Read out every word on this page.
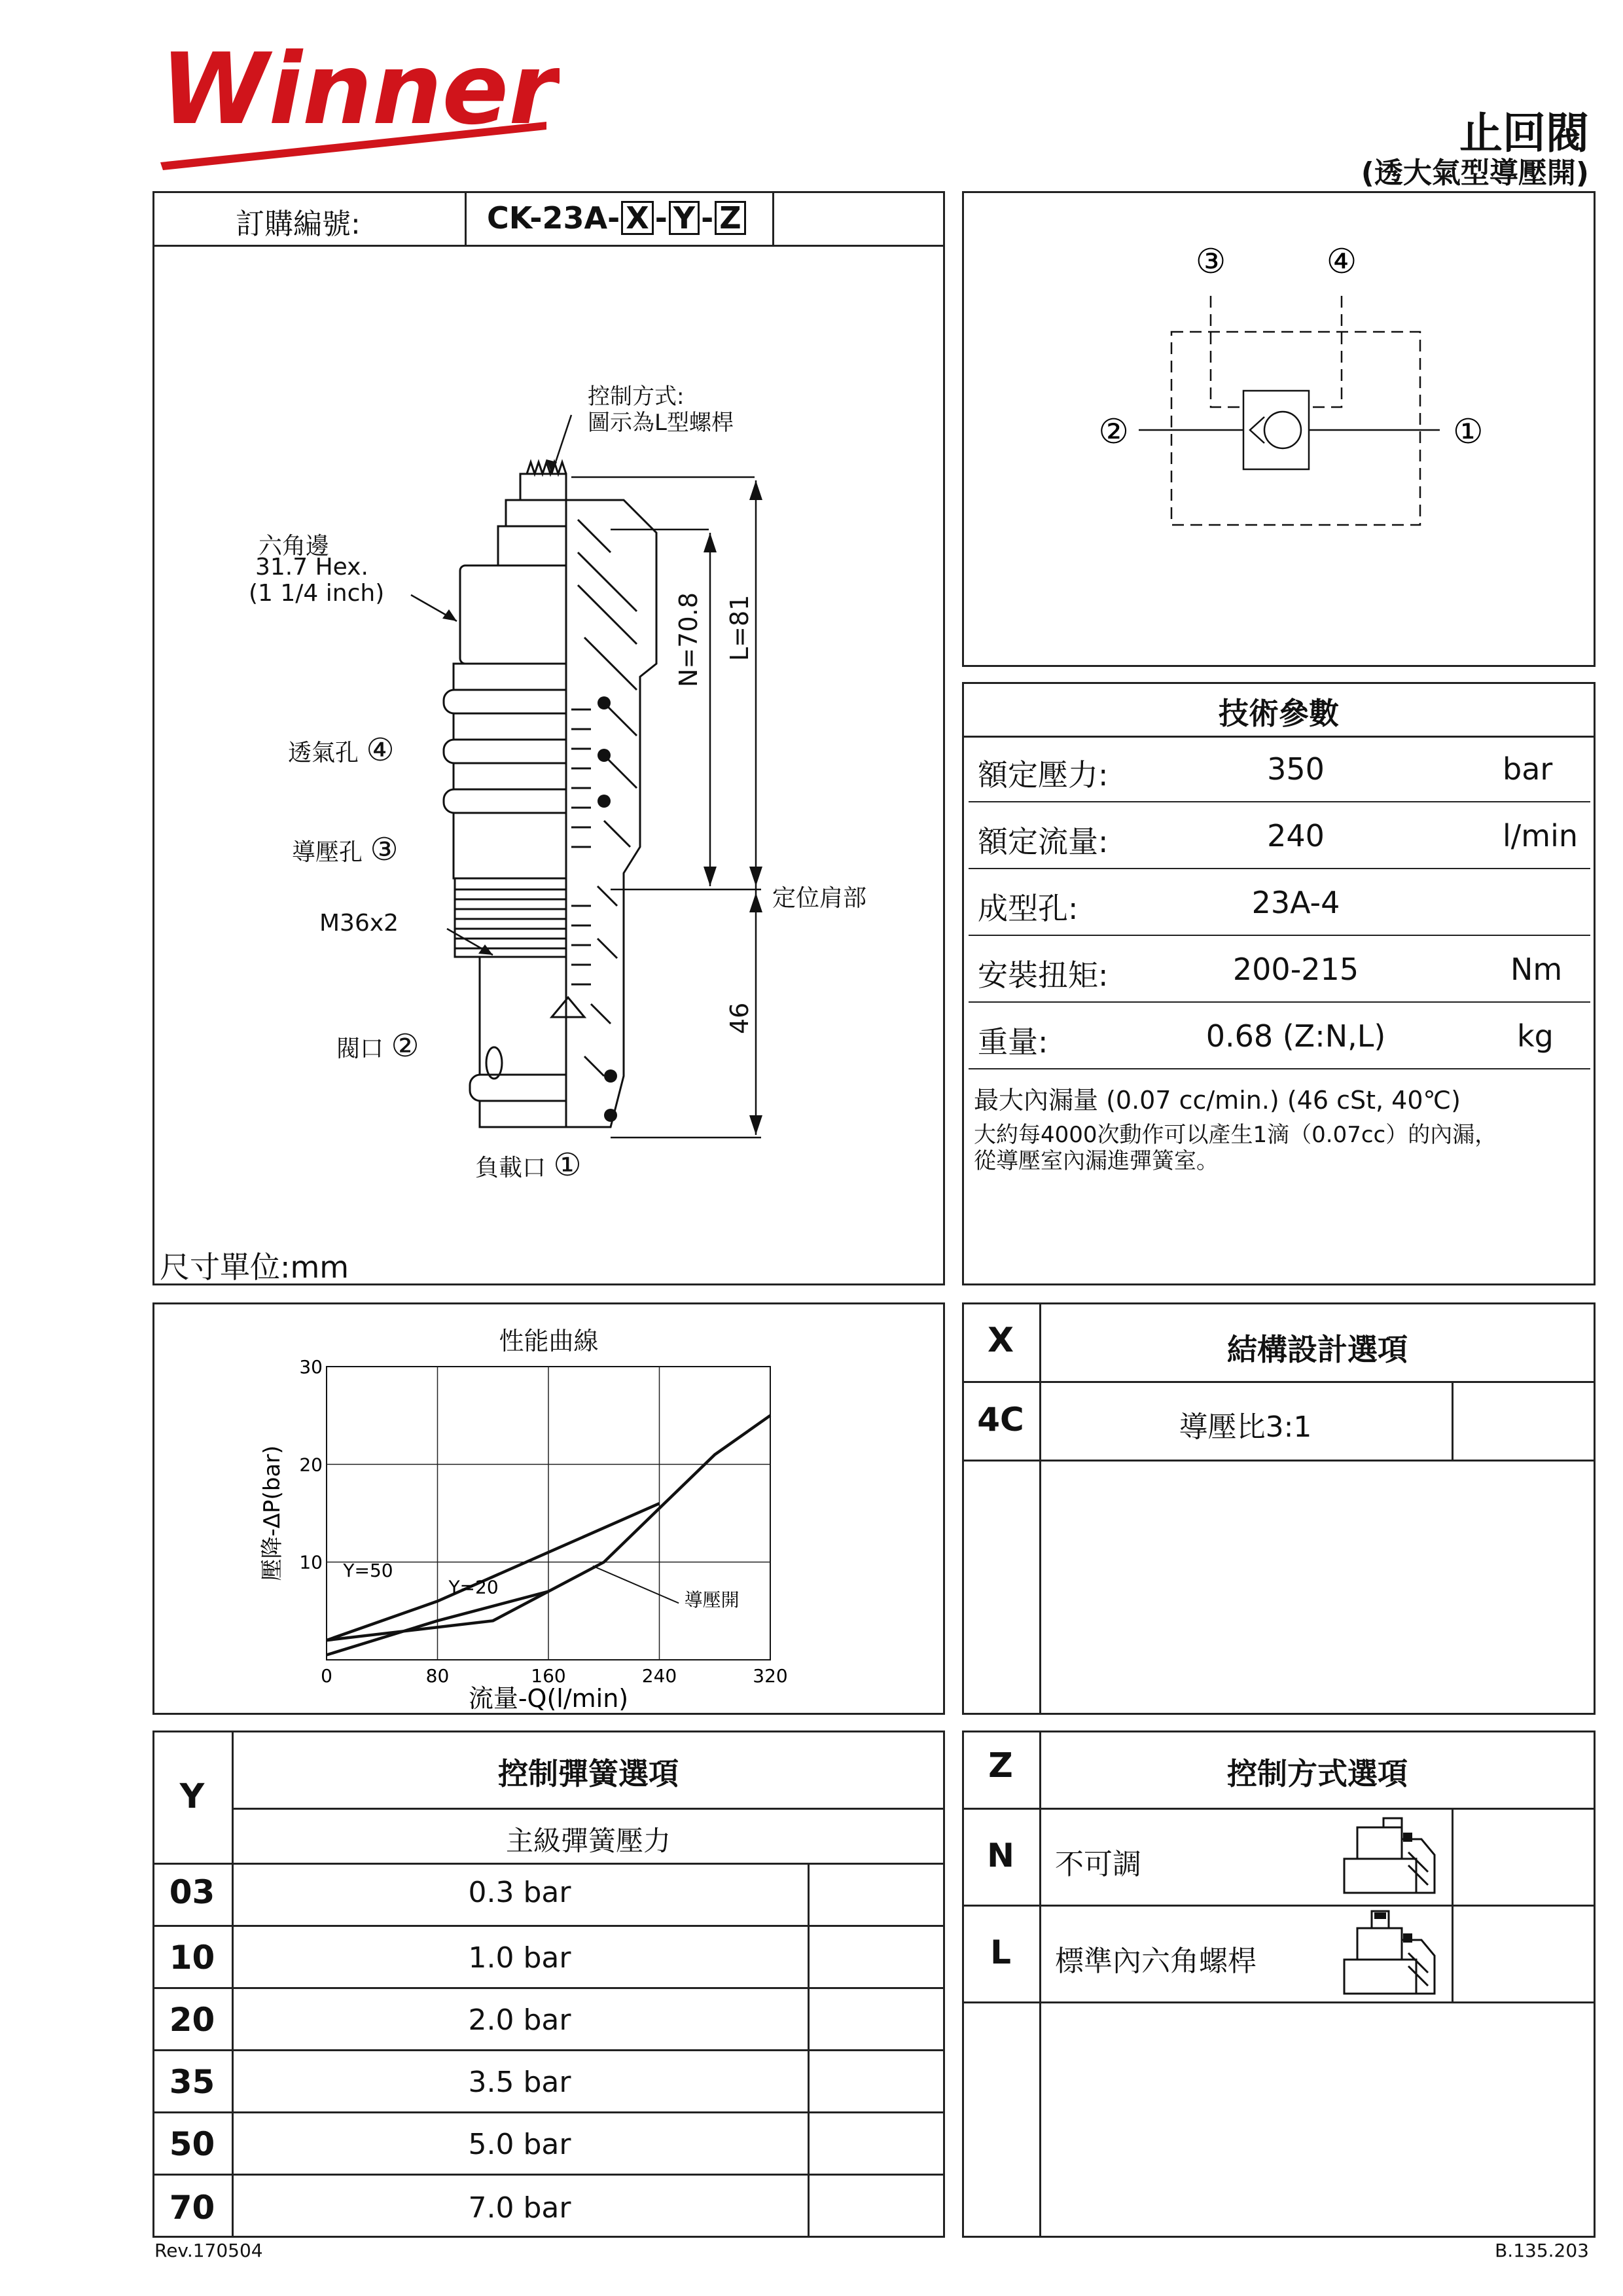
Winner	止回閥
(透大氣型導壓開)
訂購編號:	CK-23A- X - Y - Z
控制方式:
圖示為L型螺桿
六角邊
31.7 Hex.
(1 1/4 inch)
透氣孔 ④
導壓孔 ③
M36x2
閥口 ②
負載口 ①
N=70.8 L=81
46
定位肩部
尺寸單位:mm
③	④
②	①
技術參數
額定壓力:	350	bar
額定流量:	240	l/min
成型孔:	23A-4
安裝扭矩:	200-215	Nm
重量:	0.68 (Z:N,L)	kg
最大內漏量 (0.07 cc/min.) (46 cSt, 40℃)
大約每4000次動作可以產生1滴（0.07cc）的內漏，
從導壓室內漏進彈簧室。
性能曲線
0	80	160	240	320
10
20
30
流量-Q(l/min)
壓降-ΔP(bar)	Y=50
Y=20
導壓開
X	結構設計選項
4C	導壓比3:1
Y
控制彈簧選項
主級彈簧壓力
03	0.3 bar
10	1.0 bar
20	2.0 bar
35	3.5 bar
50	5.0 bar
70	7.0 bar
Z	控制方式選項
N	不可調
L	標準內六角螺桿
Rev.170504	B.135.203
